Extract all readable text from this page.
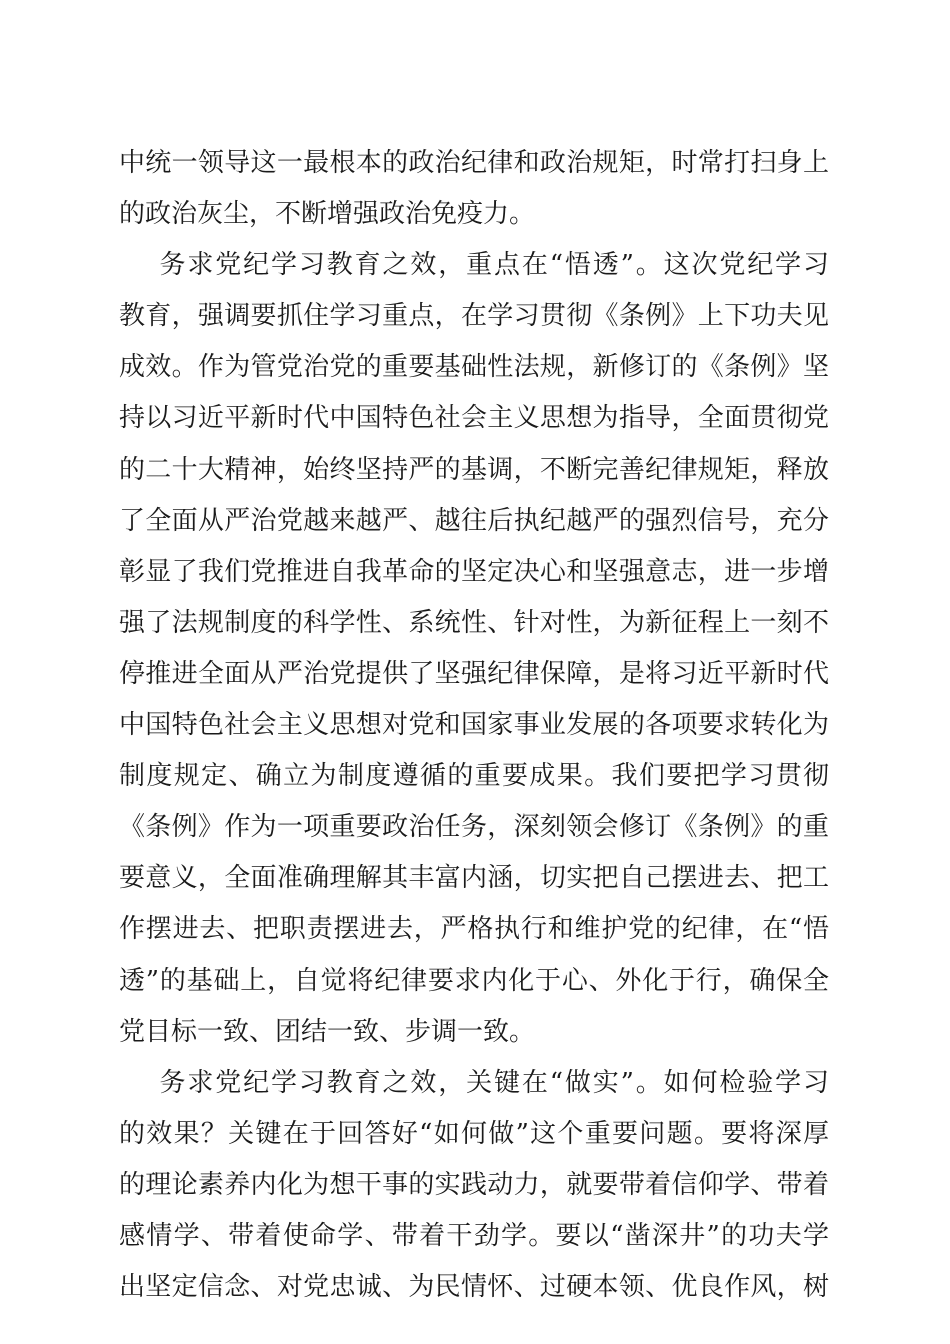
中统一领导这一最根本的政治纪律和政治规矩，时常打扫身上
的政治灰尘，不断增强政治免疫力。
务求党纪学习教育之效，重点在“悟透”。这次党纪学习
教育，强调要抓住学习重点，在学习贯彻《条例》上下功夫见
成效。作为管党治党的重要基础性法规，新修订的《条例》坚
持以习近平新时代中国特色社会主义思想为指导，全面贯彻党
的二十大精神，始终坚持严的基调，不断完善纪律规矩，释放
了全面从严治党越来越严、越往后执纪越严的强烈信号，充分
彰显了我们党推进自我革命的坚定决心和坚强意志，进一步增
强了法规制度的科学性、系统性、针对性，为新征程上一刻不
停推进全面从严治党提供了坚强纪律保障，是将习近平新时代
中国特色社会主义思想对党和国家事业发展的各项要求转化为
制度规定、确立为制度遵循的重要成果。我们要把学习贯彻
《条例》作为一项重要政治任务，深刻领会修订《条例》的重
要意义，全面准确理解其丰富内涵，切实把自己摆进去、把工
作摆进去、把职责摆进去，严格执行和维护党的纪律，在“悟
透”的基础上，自觉将纪律要求内化于心、外化于行，确保全
党目标一致、团结一致、步调一致。
务求党纪学习教育之效，关键在“做实”。如何检验学习
的效果？关键在于回答好“如何做”这个重要问题。要将深厚
的理论素养内化为想干事的实践动力，就要带着信仰学、带着
感情学、带着使命学、带着干劲学。要以“凿深井”的功夫学
出坚定信念、对党忠诚、为民情怀、过硬本领、优良作风，树
